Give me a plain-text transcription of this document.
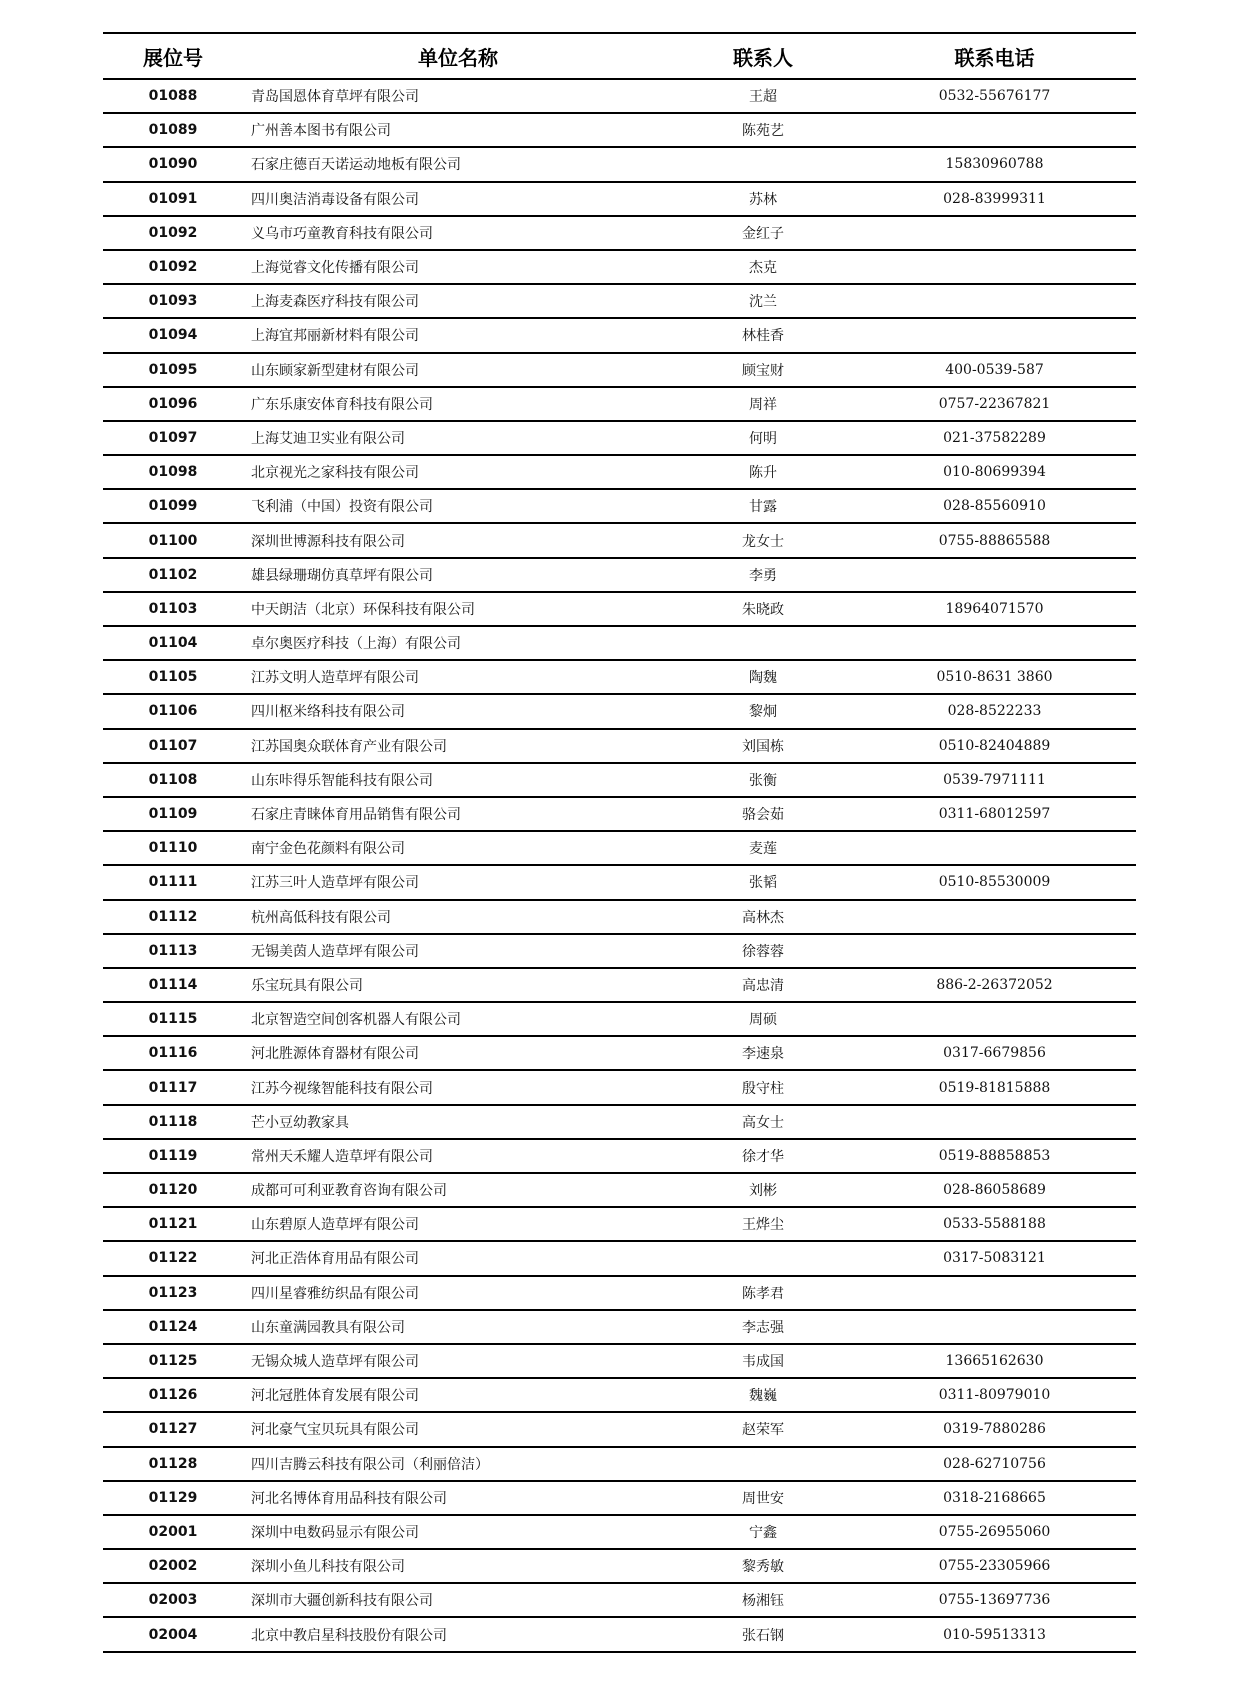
展位号	单位名称	联系人	联系电话
01088	青岛国恩体育草坪有限公司	王超	0532-55676177
01089	广州善本图书有限公司	陈苑艺	
01090	石家庄德百天诺运动地板有限公司		15830960788
01091	四川奥洁消毒设备有限公司	苏林	028-83999311
01092	义乌市巧童教育科技有限公司	金红子	
01092	上海觉睿文化传播有限公司	杰克	
01093	上海麦森医疗科技有限公司	沈兰	
01094	上海宜邦丽新材料有限公司	林桂香	
01095	山东顾家新型建材有限公司	顾宝财	400-0539-587
01096	广东乐康安体育科技有限公司	周祥	0757-22367821
01097	上海艾迪卫实业有限公司	何明	021-37582289
01098	北京视光之家科技有限公司	陈升	010-80699394
01099	飞利浦（中国）投资有限公司	甘露	028-85560910
01100	深圳世博源科技有限公司	龙女士	0755-88865588
01102	雄县绿珊瑚仿真草坪有限公司	李勇	
01103	中天朗洁（北京）环保科技有限公司	朱晓政	18964071570
01104	卓尔奥医疗科技（上海）有限公司		
01105	江苏文明人造草坪有限公司	陶魏	0510-8631 3860
01106	四川枢米络科技有限公司	黎炯	028-8522233
01107	江苏国奥众联体育产业有限公司	刘国栋	0510-82404889
01108	山东咔得乐智能科技有限公司	张衡	0539-7971111
01109	石家庄青睐体育用品销售有限公司	骆会茹	0311-68012597
01110	南宁金色花颜料有限公司	麦莲	
01111	江苏三叶人造草坪有限公司	张韬	0510-85530009
01112	杭州高低科技有限公司	高林杰	
01113	无锡美茵人造草坪有限公司	徐蓉蓉	
01114	乐宝玩具有限公司	高忠清	886-2-26372052
01115	北京智造空间创客机器人有限公司	周硕	
01116	河北胜源体育器材有限公司	李速泉	0317-6679856
01117	江苏今视缘智能科技有限公司	殷守柱	0519-81815888
01118	芒小豆幼教家具	高女士	
01119	常州天禾耀人造草坪有限公司	徐才华	0519-88858853
01120	成都可可利亚教育咨询有限公司	刘彬	028-86058689
01121	山东碧原人造草坪有限公司	王烨尘	0533-5588188
01122	河北正浩体育用品有限公司		0317-5083121
01123	四川星睿雅纺织品有限公司	陈孝君	
01124	山东童满园教具有限公司	李志强	
01125	无锡众城人造草坪有限公司	韦成国	13665162630
01126	河北冠胜体育发展有限公司	魏巍	0311-80979010
01127	河北豪气宝贝玩具有限公司	赵荣军	0319-7880286
01128	四川吉腾云科技有限公司（利丽倍洁）		028-62710756
01129	河北名博体育用品科技有限公司	周世安	0318-2168665
02001	深圳中电数码显示有限公司	宁鑫	0755-26955060
02002	深圳小鱼儿科技有限公司	黎秀敏	0755-23305966
02003	深圳市大疆创新科技有限公司	杨湘钰	0755-13697736
02004	北京中教启星科技股份有限公司	张石钢	010-59513313
